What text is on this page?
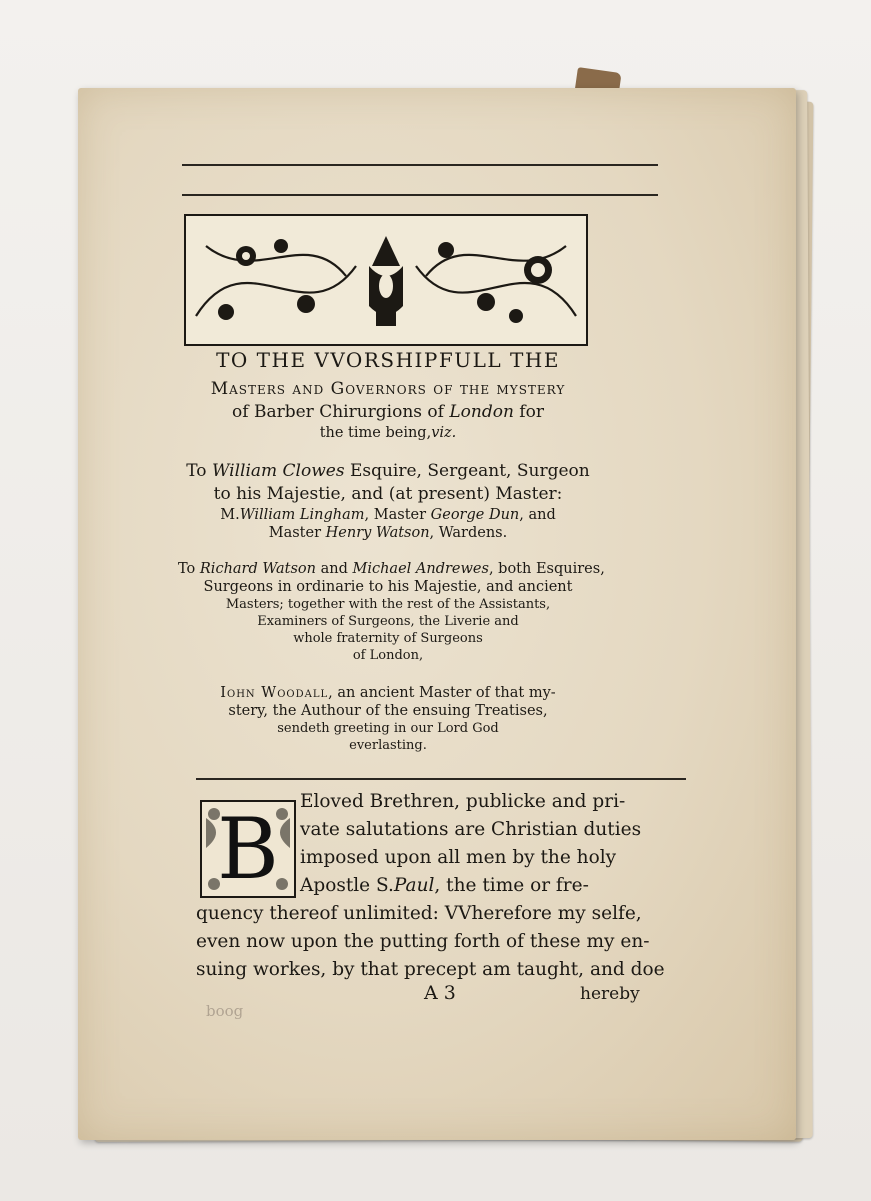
TO THE VVORSHIPFULL THE
Masters and Governors of the mystery
of Barber Chirurgions of London for
the time being,viz.
To William Clowes Esquire, Sergeant, Surgeon
to his Majestie, and (at present) Master:
M.William Lingham, Master George Dun, and
Master Henry Watson, Wardens.
To Richard Watson and Michael Andrewes, both Esquires,
Surgeons in ordinarie to his Majestie, and ancient
Masters; together with the rest of the Assistants,
Examiners of Surgeons, the Liverie and
whole fraternity of Surgeons
of London,
Iohn Woodall, an ancient Master of that my-
stery, the Authour of the ensuing Treatises,
sendeth greeting in our Lord God
everlasting.
B	Eloved Brethren, publicke and pri-
vate salutations are Christian duties
imposed upon all men by the holy
Apostle S.Paul, the time or fre-
quency thereof unlimited: VVherefore my selfe,
even now upon the putting forth of these my en-
suing workes, by that precept am taught, and doe
A 3	hereby
boog
